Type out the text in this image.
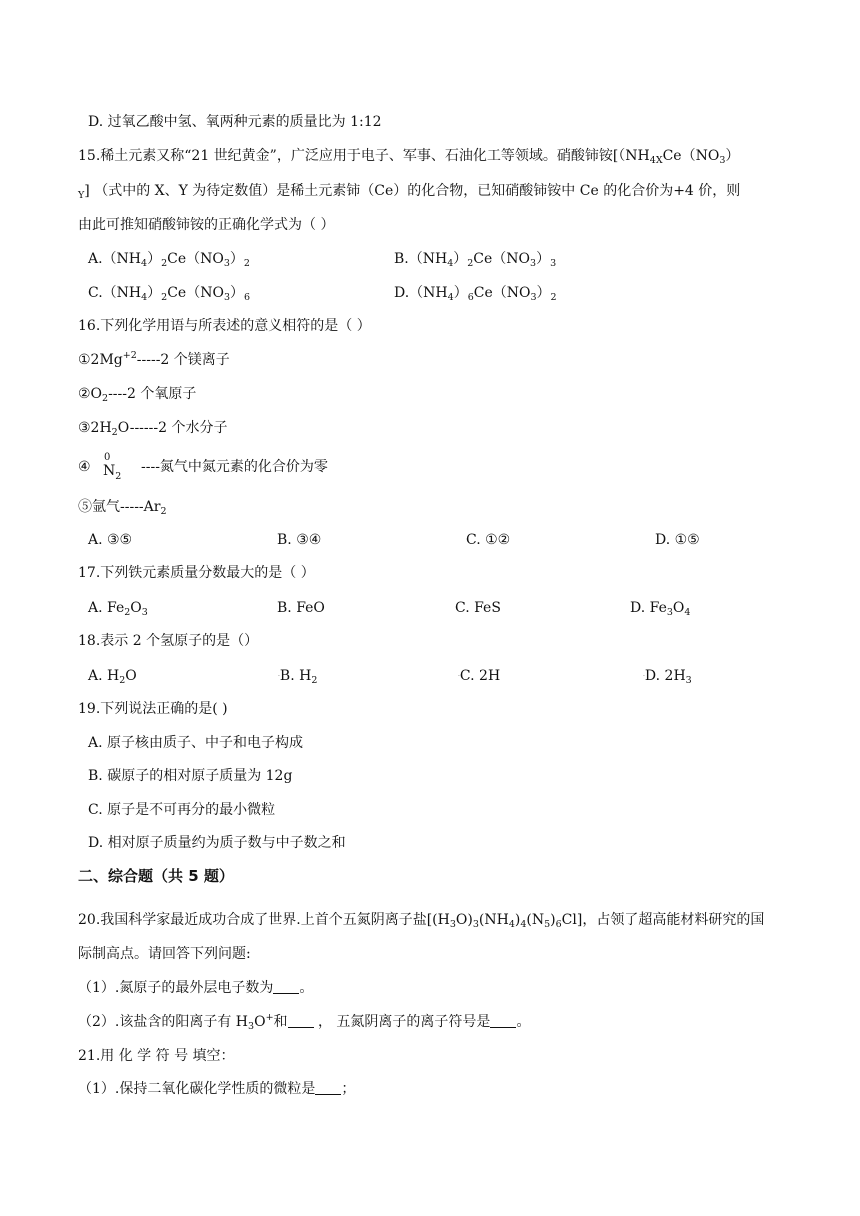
D. 过氧乙酸中氢、氧两种元素的质量比为 1:12
15.稀土元素又称“21 世纪黄金”，广泛应用于电子、军事、石油化工等领域。硝酸铈铵[（$NH_{4X}Ce(NO_3)$
$_Y$] （式中的 X、Y 为待定数值）是稀土元素铈（Ce）的化合物，已知硝酸铈铵中 Ce 的化合价为+4 价，则
由此可推知硝酸铈铵的正确化学式为（ ）
$A.(NH_4)_2Ce(NO_3)_2$	$B.(NH_4)_2Ce(NO_3)_3$
$C.(NH_4)_2Ce(NO_3)_6$	$D.(NH_4)_6Ce(NO_3)_2$
16.下列化学用语与所表述的意义相符的是（ ）
$①2Mg^{+2}-----2$ 个镁离子
$②O_2----2$ 个氧原子
$③2H_2O------2$ 个水分子
④
0
$N_2$
----氮气中氮元素的化合价为零
⑤氩气$-----Ar_2$
A. ③⑤	B. ③④	C. ①②	D. ①⑤
17.下列铁元素质量分数最大的是（ ）
A. $Fe_2O_3$	B. FeO	C. FeS	D. $Fe_3O_4$
18.表示 2 个氢原子的是（）
A. $H_2O$	·B. $H_2$	·C. 2H	·D. $2H_3$
19.下列说法正确的是( )
A. 原子核由质子、中子和电子构成
B. 碳原子的相对原子质量为 12g
C. 原子是不可再分的最小微粒
D. 相对原子质量约为质子数与中子数之和
二、综合题（共 5 题）
20.我国科学家最近成功合成了世界.上首个五氮阴离子盐$[(H_3O)_3(NH_4)_4(N_5)_6Cl]$，占领了超高能材料研究的国
际制高点。请回答下列问题:
（1）.氮原子的最外层电子数为 。
（2）.该盐含的阳离子有 $H_3O^+$和 ， 五氮阴离子的离子符号是 。
21.用 化 学 符 号 填空：
（1）.保持二氧化碳化学性质的微粒是 ；
